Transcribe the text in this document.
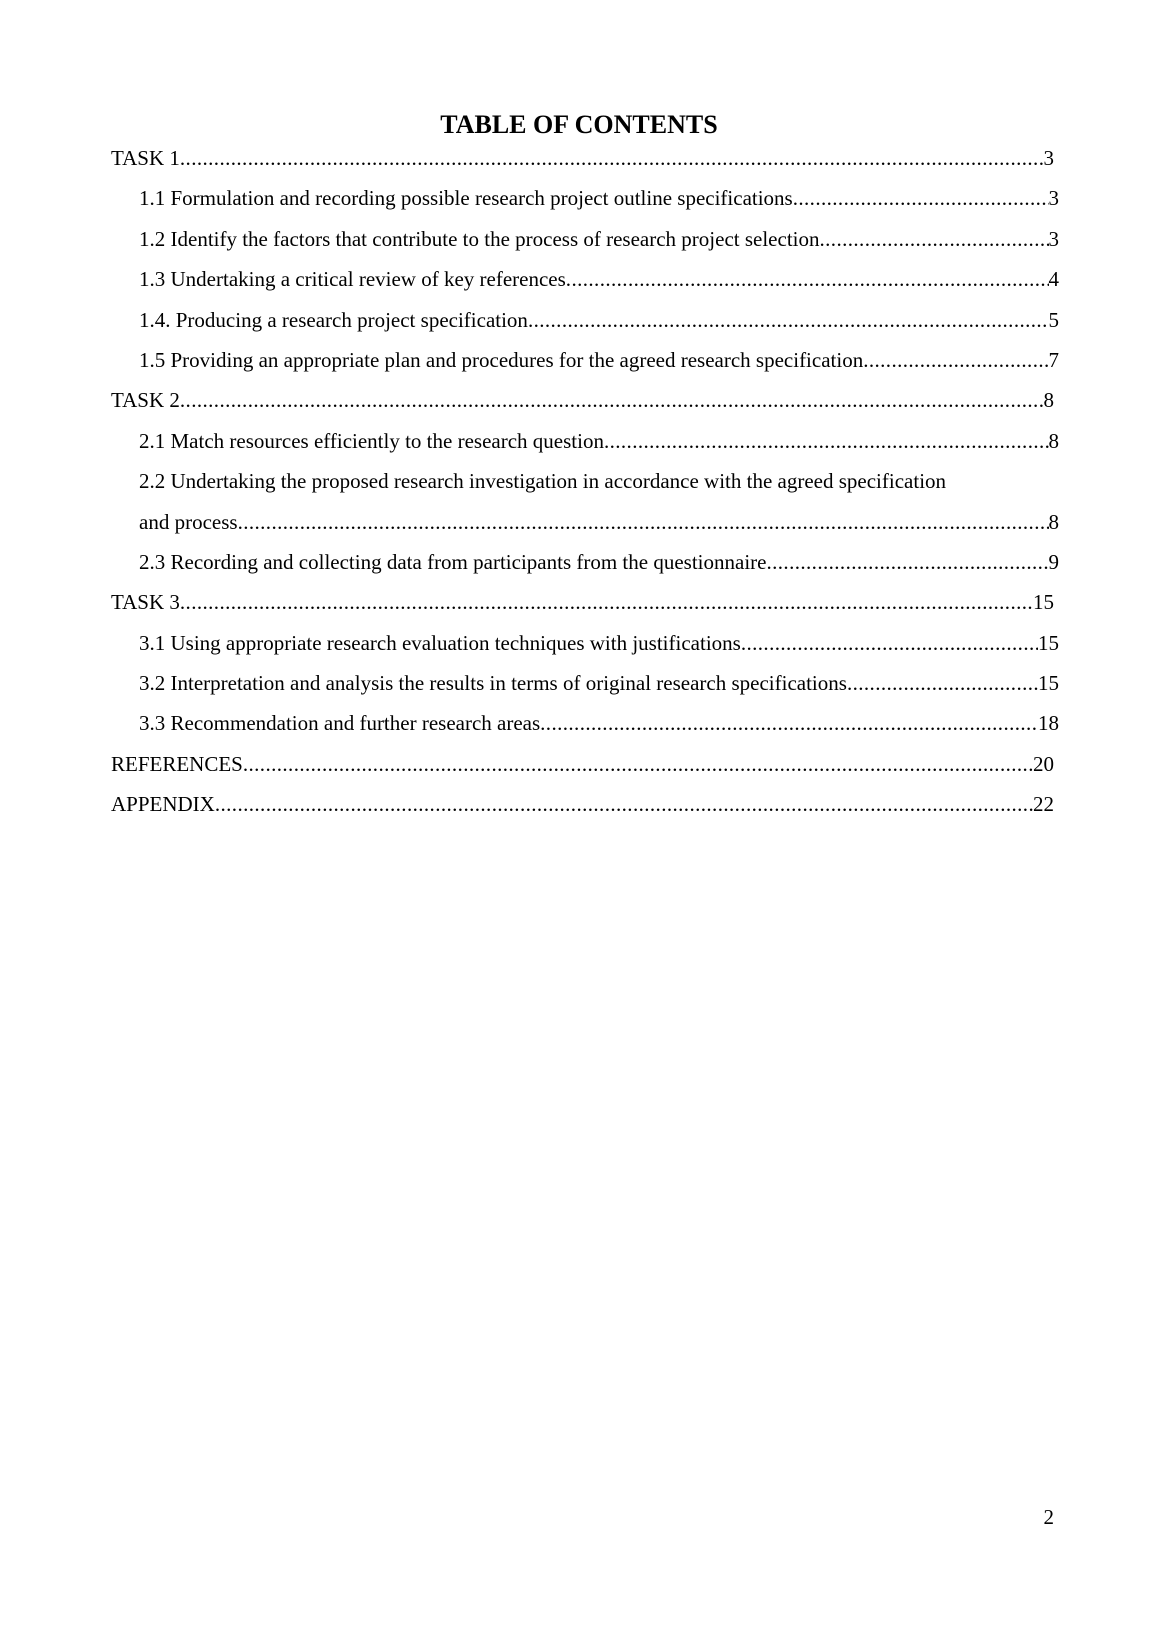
TABLE OF CONTENTS
TASK 1 .....	3
1.1 Formulation and recording possible research project outline specifications .....	3
1.2 Identify the factors that contribute to the process of research project selection .....	3
1.3 Undertaking a critical review of key references .....	4
1.4. Producing a research project specification .....	5
1.5 Providing an appropriate plan and procedures for the agreed research specification .....	7
TASK 2 .....	8
2.1 Match resources efficiently to the research question .....	8
2.2 Undertaking the proposed research investigation in accordance with the agreed specification
and process .....	8
2.3 Recording and collecting data from participants from the questionnaire .....	9
TASK 3 .....	15
3.1 Using appropriate research evaluation techniques with justifications .....	15
3.2 Interpretation and analysis the results in terms of original research specifications .....	15
3.3 Recommendation and further research areas .....	18
REFERENCES .....	20
APPENDIX .....	22
2
